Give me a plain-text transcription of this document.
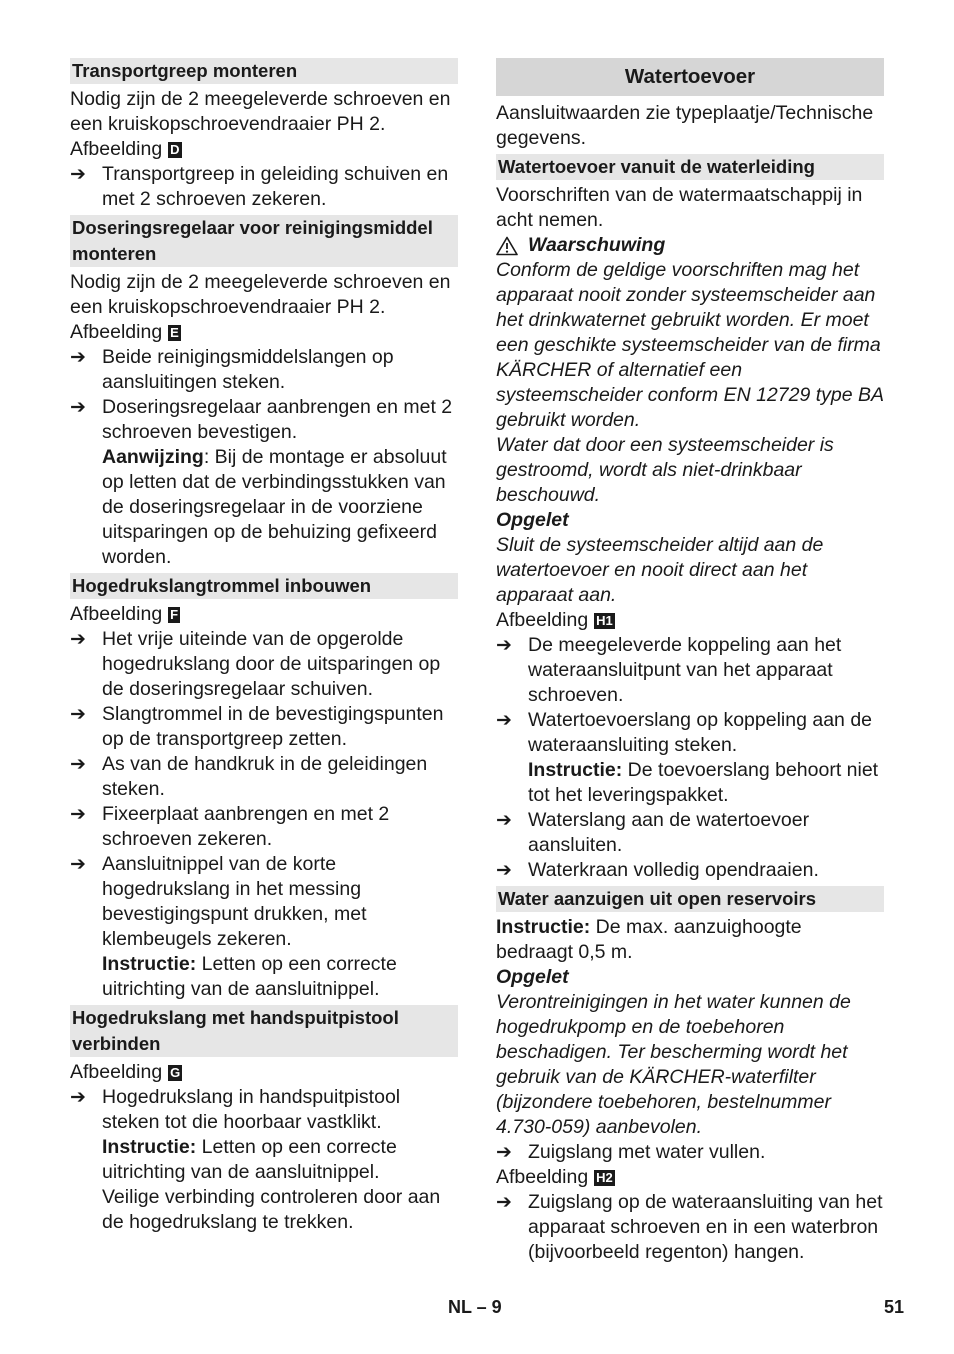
Transportgreep monteren

Nodig zijn de 2 meegeleverde schroeven en een kruiskopschroevendraaier PH 2.

Afbeelding D
➔ Transportgreep in geleiding schuiven en met 2 schroeven zekeren.
Doseringsregelaar voor reinigingsmiddel monteren

Nodig zijn de 2 meegeleverde schroeven en een kruiskopschroevendraaier PH 2.

Afbeelding E
➔ Beide reinigingsmiddelslangen op aansluitingen steken.
➔ Doseringsregelaar aanbrengen en met 2 schroeven bevestigen.
Aanwijzing: Bij de montage er absoluut op letten dat de verbindingsstukken van de doseringsregelaar in de voorziene uitsparingen op de behuizing gefixeerd worden.
Hogedrukslangtrommel inbouwen
Afbeelding F
➔ Het vrije uiteinde van de opgerolde hogedrukslang door de uitsparingen op de doseringsregelaar schuiven.
➔ Slangtrommel in de bevestigingspunten op de transportgreep zetten.
➔ As van de handkruk in de geleidingen steken.
➔ Fixeerplaat aanbrengen en met 2 schroeven zekeren.
➔ Aansluitnippel van de korte hogedrukslang in het messing bevestigingspunt drukken, met klembeugels zekeren.
Instructie: Letten op een correcte uitrichting van de aansluitnippel.
Hogedrukslang met handspuitpistool verbinden
Afbeelding G
➔ Hogedrukslang in handspuitpistool steken tot die hoorbaar vastklikt.
Instructie: Letten op een correcte uitrichting van de aansluitnippel.
Veilige verbinding controleren door aan de hogedrukslang te trekken.
Watertoevoer

Aansluitwaarden zie typeplaatje/Technische gegevens.

Watertoevoer vanuit de waterleiding

Voorschriften van de watermaatschappij in acht nemen.

Waarschuwing

Conform de geldige voorschriften mag het apparaat nooit zonder systeemscheider aan het drinkwaternet gebruikt worden. Er moet een geschikte systeemscheider van de firma KÄRCHER of alternatief een systeemscheider conform EN 12729 type BA gebruikt worden.

Water dat door een systeemscheider is gestroomd, wordt als niet-drinkbaar beschouwd.

Opgelet

Sluit de systeemscheider altijd aan de watertoevoer en nooit direct aan het apparaat aan.

Afbeelding H1
➔ De meegeleverde koppeling aan het wateraansluitpunt van het apparaat schroeven.
➔ Watertoevoerslang op koppeling aan de wateraansluiting steken.
Instructie: De toevoerslang behoort niet tot het leveringspakket.
➔ Waterslang aan de watertoevoer aansluiten.
➔ Waterkraan volledig opendraaien.
Water aanzuigen uit open reservoirs

Instructie: De max. aanzuighoogte bedraagt 0,5 m.

Opgelet

Verontreinigingen in het water kunnen de hogedrukpomp en de toebehoren beschadigen. Ter bescherming wordt het gebruik van de KÄRCHER-waterfilter (bijzondere toebehoren, bestelnummer 4.730-059) aanbevolen.

➔ Zuigslang met water vullen.
Afbeelding H2
➔ Zuigslang op de wateraansluiting van het apparaat schroeven en in een waterbron (bijvoorbeeld regenton) hangen.
NL – 9	51
